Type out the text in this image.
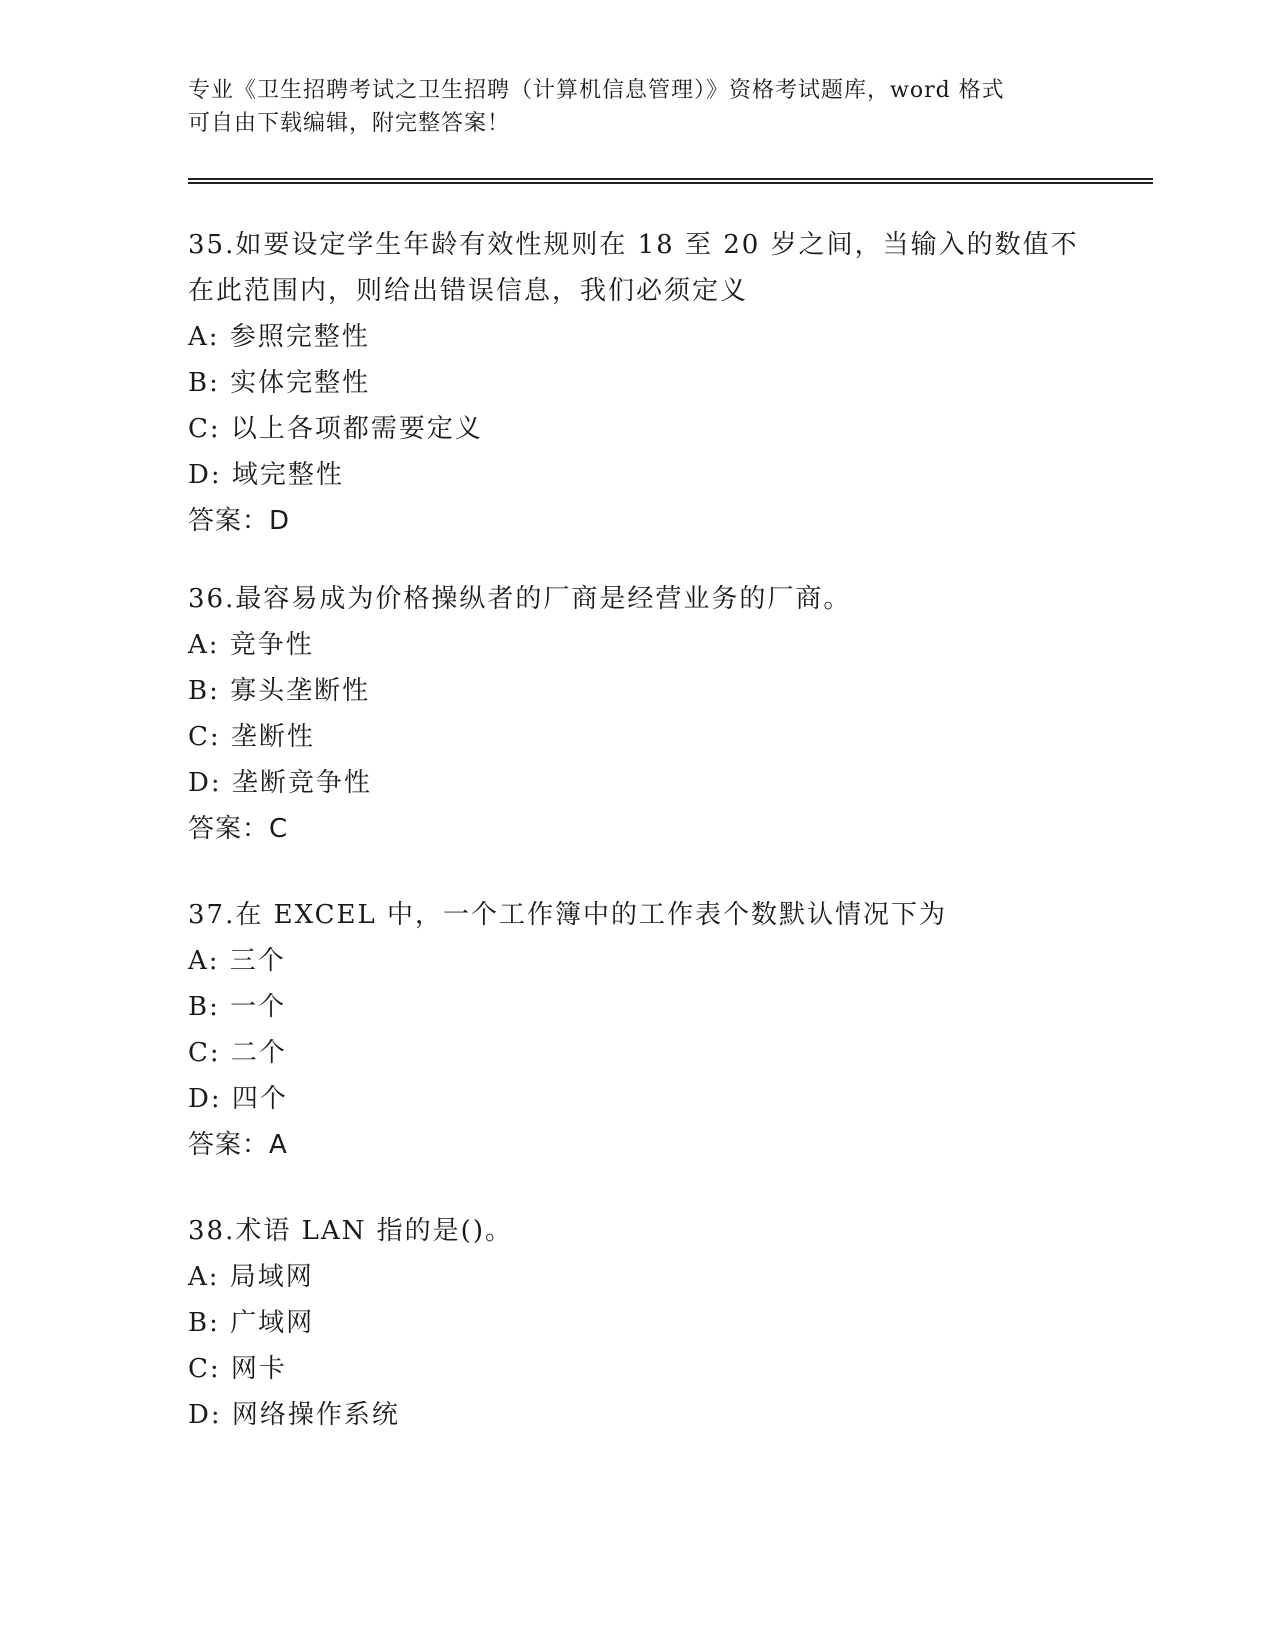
专业《卫生招聘考试之卫生招聘（计算机信息管理）》资格考试题库，word 格式
可自由下载编辑，附完整答案！

35.如要设定学生年龄有效性规则在 18 至 20 岁之间，当输入的数值不

在此范围内，则给出错误信息，我们必须定义

A: 参照完整性

B: 实体完整性

C: 以上各项都需要定义

D: 域完整性

答案：D

36.最容易成为价格操纵者的厂商是经营业务的厂商。

A: 竞争性

B: 寡头垄断性

C: 垄断性

D: 垄断竞争性

答案：C

37.在 EXCEL 中，一个工作簿中的工作表个数默认情况下为

A: 三个

B: 一个

C: 二个

D: 四个

答案：A

38.术语 LAN 指的是()。

A: 局域网

B: 广域网

C: 网卡

D: 网络操作系统
